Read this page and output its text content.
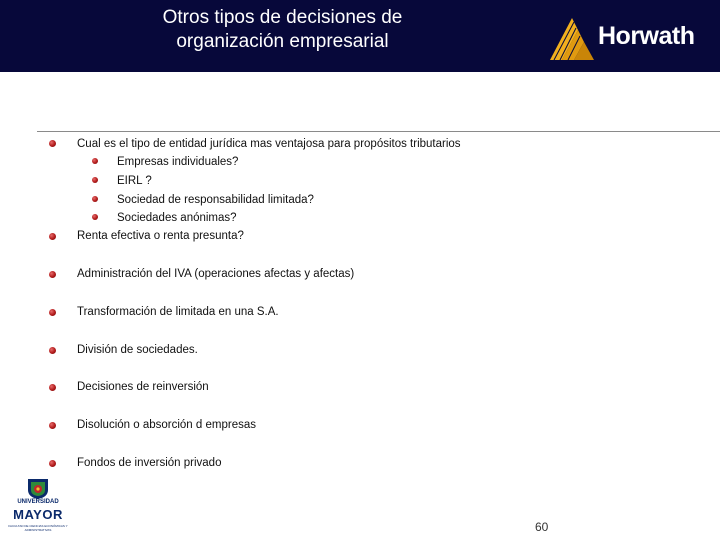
Otros tipos de decisiones de
organización empresarial	Horwath
Cual es el tipo de entidad jurídica mas ventajosa para propósitos tributarios
Empresas individuales?
EIRL ?
Sociedad de responsabilidad limitada?
Sociedades anónimas?
Renta efectiva o renta presunta?
Administración del IVA (operaciones afectas y afectas)
Transformación de limitada en una S.A.
División de sociedades.
Decisiones de reinversión
Disolución o absorción d empresas
Fondos de inversión privado
UNIVERSIDAD
MAYOR
FACULTAD DE CIENCIAS ECONÓMICAS Y ADMINISTRATIVAS	60
